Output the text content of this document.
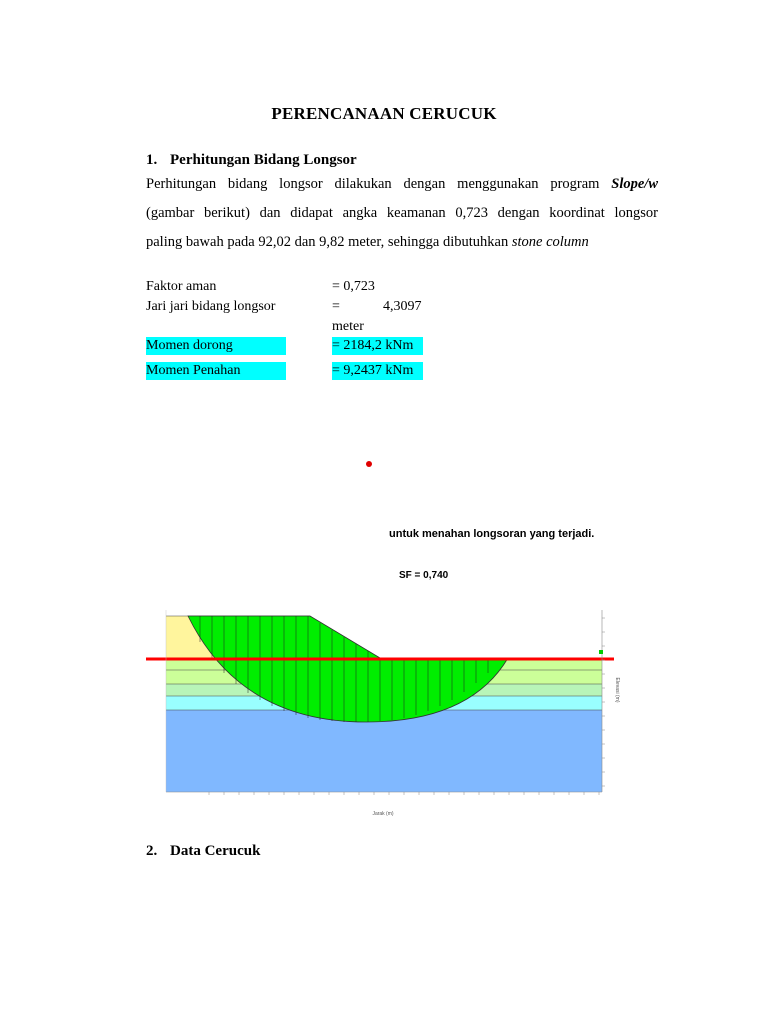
PERENCANAAN CERUCUK
1. Perhitungan Bidang Longsor
Perhitungan bidang longsor dilakukan dengan menggunakan program Slope/w
(gambar berikut) dan didapat angka keamanan 0,723 dengan koordinat longsor
paling bawah pada 92,02 dan 9,82 meter, sehingga dibutuhkan stone column
Faktor aman	= 0,723
Jari jari bidang longsor	=	4,3097
meter
Momen dorong	= 2184,2 kNm
Momen Penahan	= 9,2437 kNm
untuk menahan longsoran yang terjadi.
SF = 0,740
Jarak (m)
Elevasi (m)
2. Data Cerucuk
